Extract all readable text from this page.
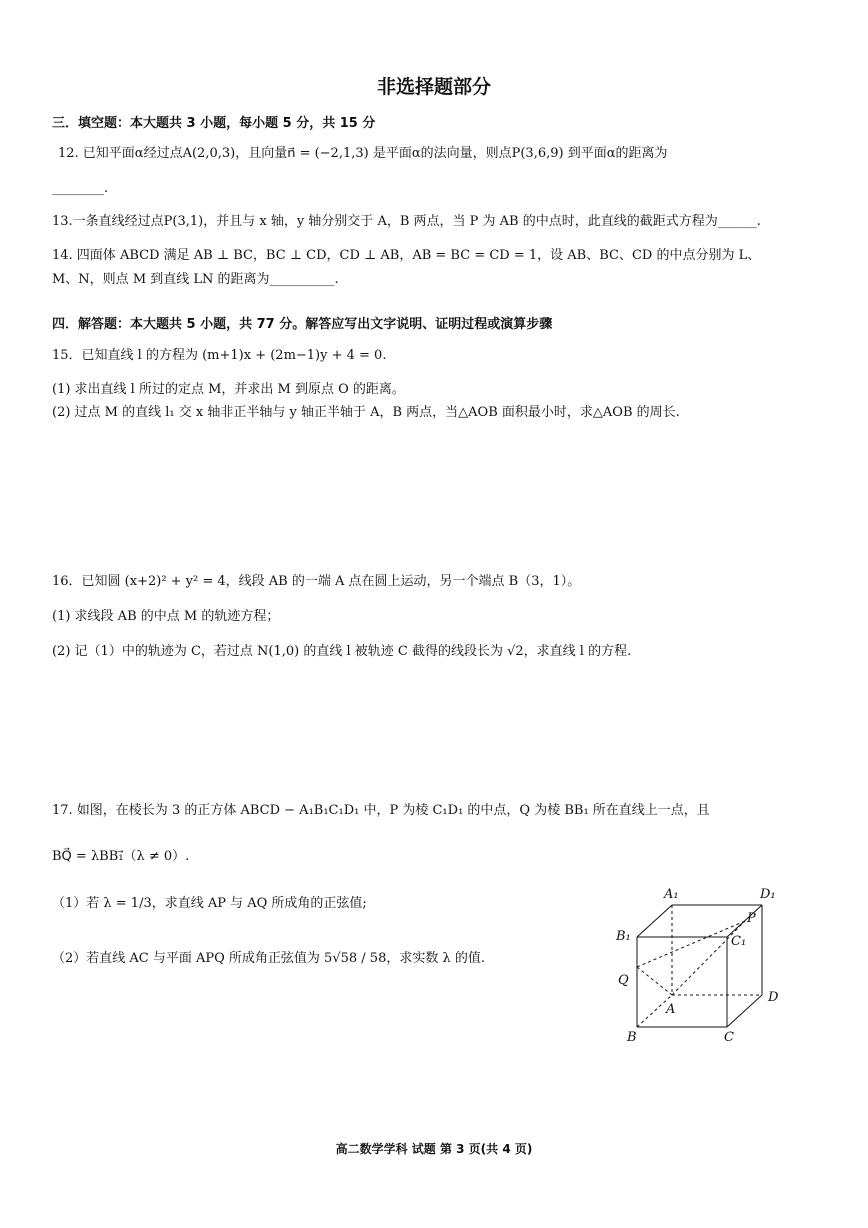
非选择题部分
三．填空题：本大题共 3 小题，每小题 5 分，共 15 分
12. 已知平面α经过点A(2,0,3)，且向量n⃗ = (−2,1,3) 是平面α的法向量，则点P(3,6,9) 到平面α的距离为
________.
13.一条直线经过点P(3,1)，并且与 x 轴，y 轴分别交于 A，B 两点，当 P 为 AB 的中点时，此直线的截距式方程为______.
14. 四面体 ABCD 满足 AB ⊥ BC，BC ⊥ CD，CD ⊥ AB，AB = BC = CD = 1，设 AB、BC、CD 的中点分别为 L、
M、N，则点 M 到直线 LN 的距离为__________.
四．解答题：本大题共 5 小题，共 77 分。解答应写出文字说明、证明过程或演算步骤
15．已知直线 l 的方程为 (m+1)x + (2m−1)y + 4 = 0.
(1) 求出直线 l 所过的定点 M，并求出 M 到原点 O 的距离。
(2) 过点 M 的直线 l₁ 交 x 轴非正半轴与 y 轴正半轴于 A，B 两点，当△AOB 面积最小时，求△AOB 的周长.
16．已知圆 (x+2)² + y² = 4，线段 AB 的一端 A 点在圆上运动，另一个端点 B（3，1）。
(1) 求线段 AB 的中点 M 的轨迹方程；
(2) 记（1）中的轨迹为 C，若过点 N(1,0) 的直线 l 被轨迹 C 截得的线段长为 √2，求直线 l 的方程.
17. 如图，在棱长为 3 的正方体 ABCD − A₁B₁C₁D₁ 中，P 为棱 C₁D₁ 的中点，Q 为棱 BB₁ 所在直线上一点，且
BQ⃗ = λBB₁⃗（λ ≠ 0）.
（1）若 λ = 1/3，求直线 AP 与 AQ 所成角的正弦值;
（2）若直线 AC 与平面 APQ 所成角正弦值为 5√58 / 58，求实数 λ 的值.
A₁	D₁
B₁
P
C₁
Q
A
D
B	C
高二数学学科 试题 第 3 页(共 4 页)
